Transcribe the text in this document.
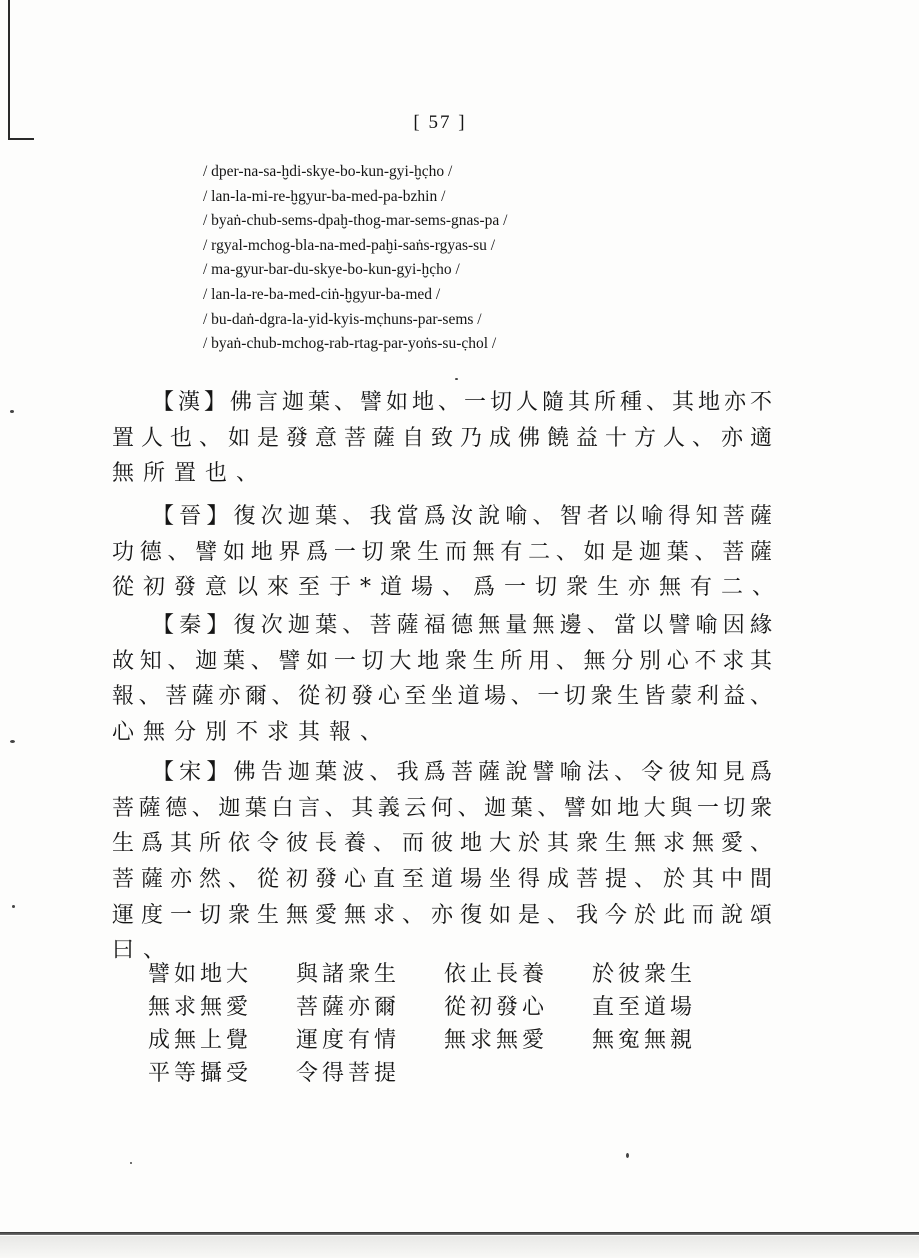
[ 57 ]
/ dper-na-sa-ḫdi-skye-bo-kun-gyi-ḫc̣ho /
/ lan-la-mi-re-ḫgyur-ba-med-pa-bzhin /
/ byaṅ-chub-sems-dpaḫ-thog-mar-sems-gnas-pa /
/ rgyal-mchog-bla-na-med-paḫi-saṅs-rgyas-su /
/ ma-gyur-bar-du-skye-bo-kun-gyi-ḫc̣ho /
/ lan-la-re-ba-med-ciṅ-ḫgyur-ba-med /
/ bu-daṅ-dgra-la-yid-kyis-mc̣huns-par-sems /
/ byaṅ-chub-mchog-rab-rtag-par-yoṅs-su-c̣hol /
【漢】佛言迦葉、譬如地、一切人隨其所種、其地亦不
置人也、如是發意菩薩自致乃成佛饒益十方人、亦適
無所置也、
【晉】復次迦葉、我當爲汝說喻、智者以喻得知菩薩
功德、譬如地界爲一切衆生而無有二、如是迦葉、菩薩
從初發意以來至于*道場、爲一切衆生亦無有二、
【秦】復次迦葉、菩薩福德無量無邊、當以譬喻因緣
故知、迦葉、譬如一切大地衆生所用、無分別心不求其
報、菩薩亦爾、從初發心至坐道場、一切衆生皆蒙利益、
心無分別不求其報、
【宋】佛告迦葉波、我爲菩薩說譬喻法、令彼知見爲
菩薩德、迦葉白言、其義云何、迦葉、譬如地大與一切衆
生爲其所依令彼長養、而彼地大於其衆生無求無愛、
菩薩亦然、從初發心直至道場坐得成菩提、於其中間
運度一切衆生無愛無求、亦復如是、我今於此而說頌
曰、
譬如地大 與諸衆生 依止長養 於彼衆生
無求無愛 菩薩亦爾 從初發心 直至道場
成無上覺 運度有情 無求無愛 無寃無親
平等攝受 令得菩提
